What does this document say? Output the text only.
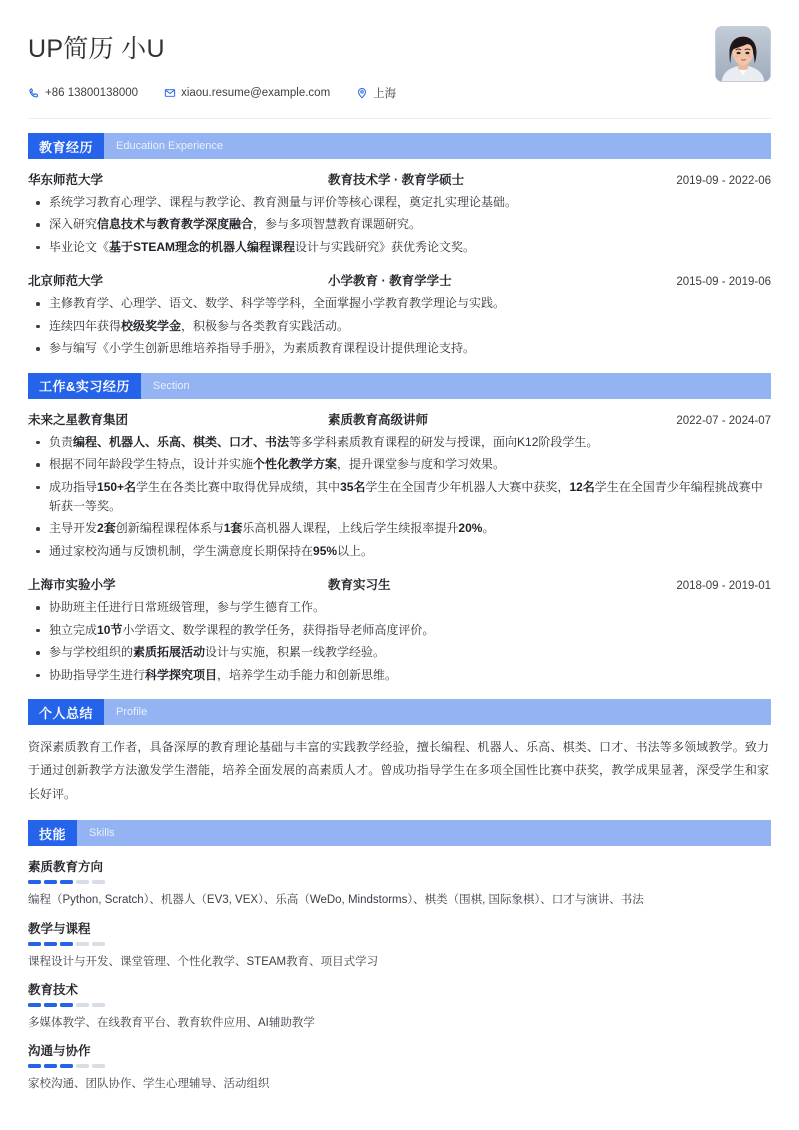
UP简历 小U
+86 13800138000	xiaou.resume@example.com	上海
教育经历	Education Experience
华东师范大学	教育技术学 · 教育学硕士	2019-09 - 2022-06
系统学习教育心理学、课程与教学论、教育测量与评价等核心课程，奠定扎实理论基础。
深入研究信息技术与教育教学深度融合，参与多项智慧教育课题研究。
毕业论文《基于STEAM理念的机器人编程课程设计与实践研究》获优秀论文奖。
北京师范大学	小学教育 · 教育学学士	2015-09 - 2019-06
主修教育学、心理学、语文、数学、科学等学科，全面掌握小学教育教学理论与实践。
连续四年获得校级奖学金，积极参与各类教育实践活动。
参与编写《小学生创新思维培养指导手册》，为素质教育课程设计提供理论支持。
工作&实习经历	Section
未来之星教育集团	素质教育高级讲师	2022-07 - 2024-07
负责编程、机器人、乐高、棋类、口才、书法等多学科素质教育课程的研发与授课，面向K12阶段学生。
根据不同年龄段学生特点，设计并实施个性化教学方案，提升课堂参与度和学习效果。
成功指导150+名学生在各类比赛中取得优异成绩，其中35名学生在全国青少年机器人大赛中获奖，12名学生在全国青少年编程挑战赛中斩获一等奖。
主导开发2套创新编程课程体系与1套乐高机器人课程，上线后学生续报率提升20%。
通过家校沟通与反馈机制，学生满意度长期保持在95%以上。
上海市实验小学	教育实习生	2018-09 - 2019-01
协助班主任进行日常班级管理，参与学生德育工作。
独立完成10节小学语文、数学课程的教学任务，获得指导老师高度评价。
参与学校组织的素质拓展活动设计与实施，积累一线教学经验。
协助指导学生进行科学探究项目，培养学生动手能力和创新思维。
个人总结	Profile
资深素质教育工作者，具备深厚的教育理论基础与丰富的实践教学经验，擅长编程、机器人、乐高、棋类、口才、书法等多领域教学。致力于通过创新教学方法激发学生潜能，培养全面发展的高素质人才。曾成功指导学生在多项全国性比赛中获奖，教学成果显著，深受学生和家长好评。
技能	Skills
素质教育方向
编程（Python, Scratch）、机器人（EV3, VEX）、乐高（WeDo, Mindstorms）、棋类（围棋, 国际象棋）、口才与演讲、书法
教学与课程
课程设计与开发、课堂管理、个性化教学、STEAM教育、项目式学习
教育技术
多媒体教学、在线教育平台、教育软件应用、AI辅助教学
沟通与协作
家校沟通、团队协作、学生心理辅导、活动组织
